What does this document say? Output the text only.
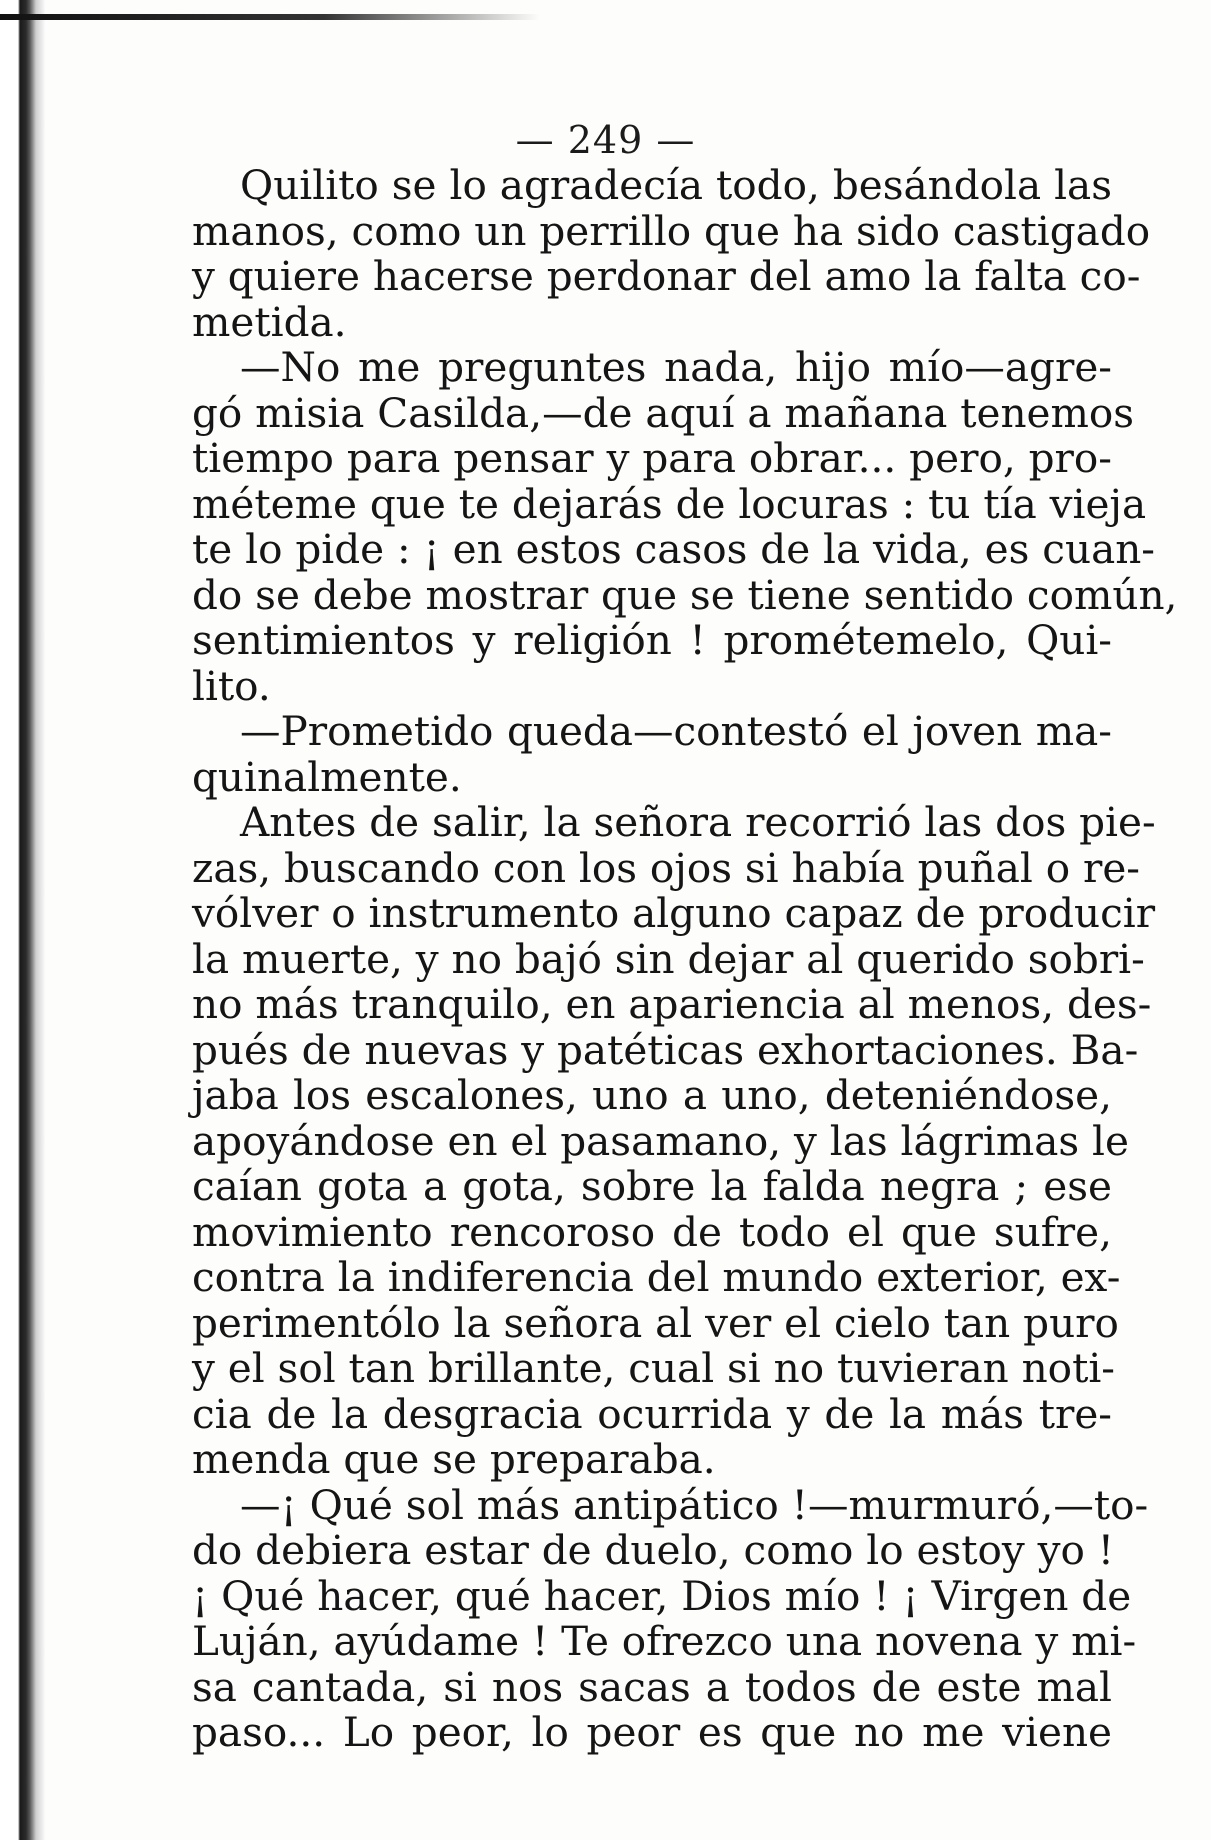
— 249 —
Quilito se lo agradecía todo, besándola las
manos, como un perrillo que ha sido castigado
y quiere hacerse perdonar del amo la falta co-
metida.
—No me preguntes nada, hijo mío—agre-
gó misia Casilda,—de aquí a mañana tenemos
tiempo para pensar y para obrar... pero, pro-
méteme que te dejarás de locuras : tu tía vieja
te lo pide : ¡ en estos casos de la vida, es cuan-
do se debe mostrar que se tiene sentido común,
sentimientos y religión ! prométemelo, Qui-
lito.
—Prometido queda—contestó el joven ma-
quinalmente.
Antes de salir, la señora recorrió las dos pie-
zas, buscando con los ojos si había puñal o re-
vólver o instrumento alguno capaz de producir
la muerte, y no bajó sin dejar al querido sobri-
no más tranquilo, en apariencia al menos, des-
pués de nuevas y patéticas exhortaciones. Ba-
jaba los escalones, uno a uno, deteniéndose,
apoyándose en el pasamano, y las lágrimas le
caían gota a gota, sobre la falda negra ; ese
movimiento rencoroso de todo el que sufre,
contra la indiferencia del mundo exterior, ex-
perimentólo la señora al ver el cielo tan puro
y el sol tan brillante, cual si no tuvieran noti-
cia de la desgracia ocurrida y de la más tre-
menda que se preparaba.
—¡ Qué sol más antipático !—murmuró,—to-
do debiera estar de duelo, como lo estoy yo !
¡ Qué hacer, qué hacer, Dios mío ! ¡ Virgen de
Luján, ayúdame ! Te ofrezco una novena y mi-
sa cantada, si nos sacas a todos de este mal
paso... Lo peor, lo peor es que no me viene
